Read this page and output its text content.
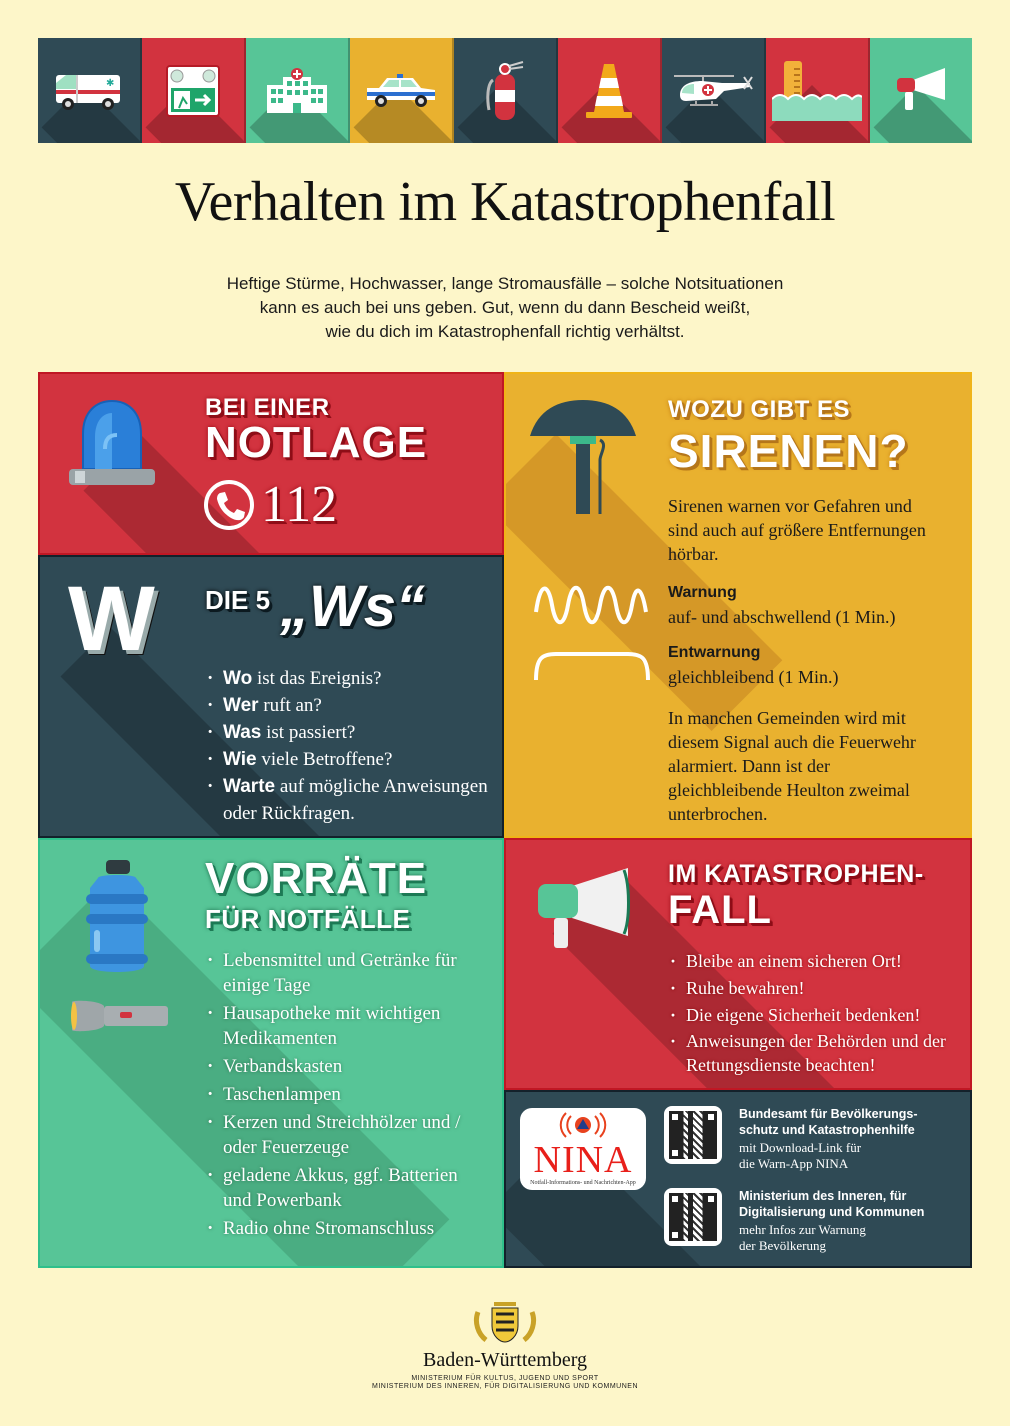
✱
Verhalten im Katastrophenfall
Heftige Stürme, Hochwasser, lange Stromausfälle – solche Notsituationen
kann es auch bei uns geben. Gut, wenn du dann Bescheid weißt,
wie du dich im Katastrophenfall richtig verhältst.
BEI EINER
NOTLAGE
112
W DIE 5 „Ws“
· Wo ist das Ereignis?
· Wer ruft an?
· Was ist passiert?
· Wie viele Betroffene?
· Warte auf mögliche Anweisungen oder Rückfragen.
WOZU GIBT ES
SIRENEN?
Sirenen warnen vor Gefahren und sind auch auf größere Entfernungen hörbar.
Warnung
auf- und abschwellend (1 Min.)
Entwarnung
gleichbleibend (1 Min.)
In manchen Gemeinden wird mit diesem Signal auch die Feuerwehr alarmiert. Dann ist der gleichbleibende Heulton zweimal unterbrochen.
VORRÄTE
FÜR NOTFÄLLE
· Lebensmittel und Getränke für einige Tage
· Hausapotheke mit wichtigen Medikamenten
· Verbandskasten
· Taschenlampen
· Kerzen und Streichhölzer und / oder Feuerzeuge
· geladene Akkus, ggf. Batterien und Powerbank
· Radio ohne Stromanschluss
IM KATASTROPHEN-
FALL
· Bleibe an einem sicheren Ort!
· Ruhe bewahren!
· Die eigene Sicherheit bedenken!
· Anweisungen der Behörden und der Rettungsdienste beachten!
NINA
Notfall-Informations- und Nachrichten-App
Bundesamt für Bevölkerungs-
schutz und Katastrophenhilfe
mit Download-Link für
die Warn-App NINA
Ministerium des Inneren, für
Digitalisierung und Kommunen
mehr Infos zur Warnung
der Bevölkerung
Baden-Württemberg
MINISTERIUM FÜR KULTUS, JUGEND UND SPORT
MINISTERIUM DES INNEREN, FÜR DIGITALISIERUNG UND KOMMUNEN
